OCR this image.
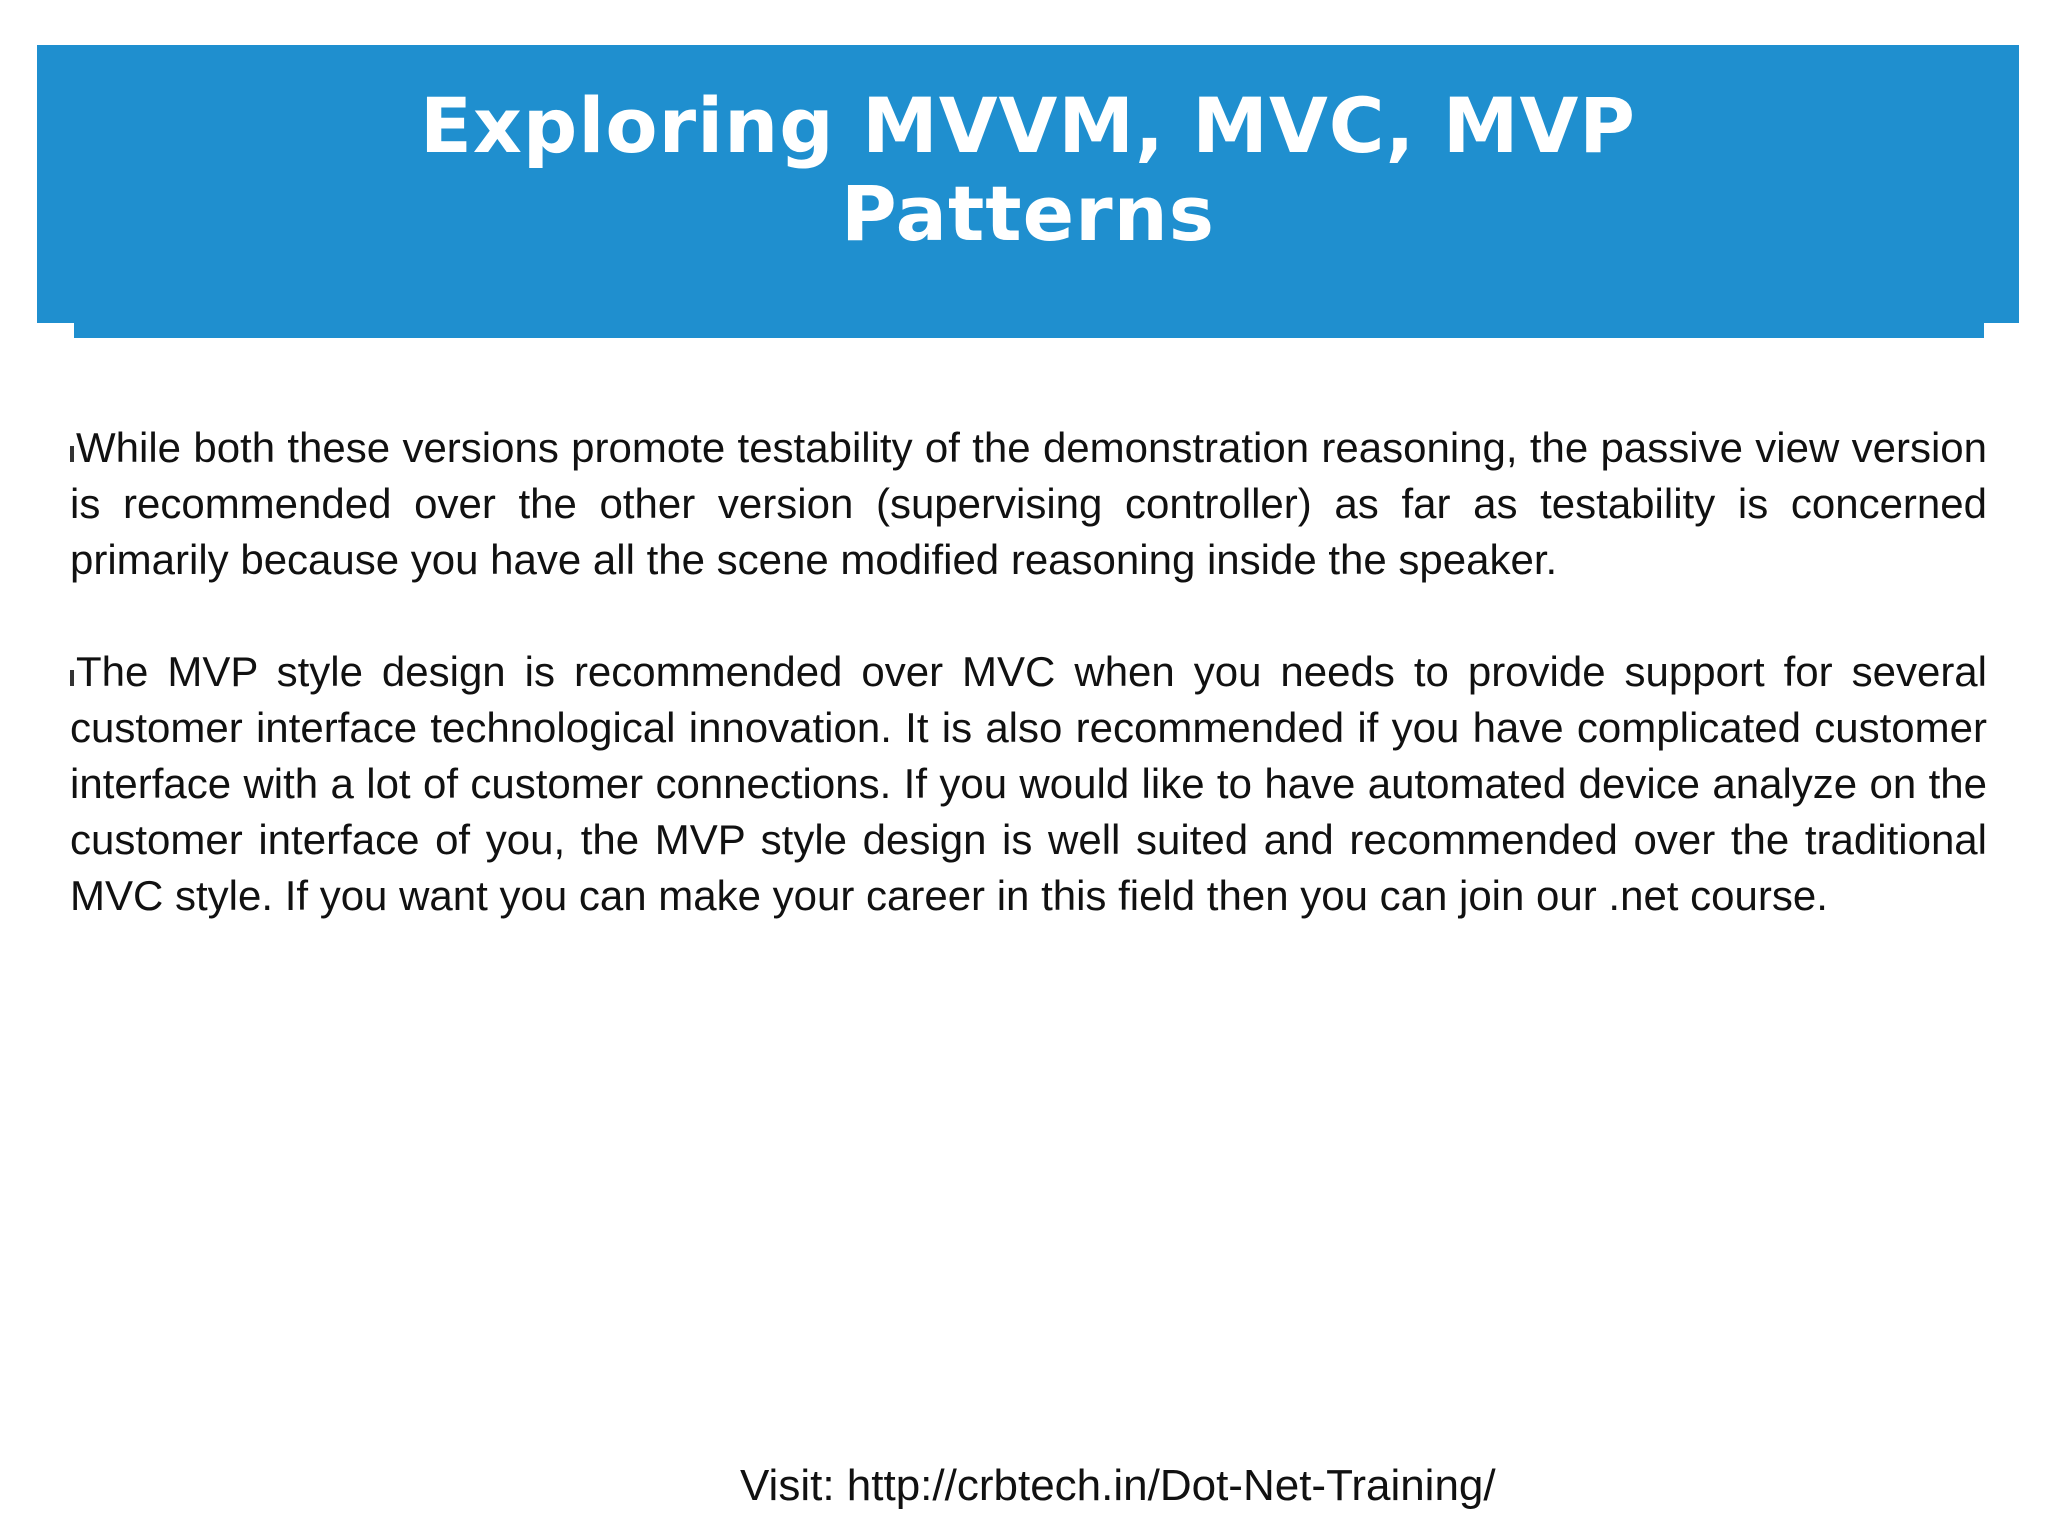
Exploring MVVM, MVC, MVP
Patterns

While both these versions promote testability of the demonstration reasoning, the passive view version is recommended over the other version (supervising controller) as far as testability is concerned primarily because you have all the scene modified reasoning inside the speaker.

The MVP style design is recommended over MVC when you needs to provide support for several customer interface technological innovation. It is also recommended if you have complicated customer interface with a lot of customer connections. If you would like to have automated device analyze on the customer interface of you, the MVP style design is well suited and recommended over the traditional MVC style. If you want you can make your career in this field then you can join our .net course.

Visit: http://crbtech.in/Dot-Net-Training/
